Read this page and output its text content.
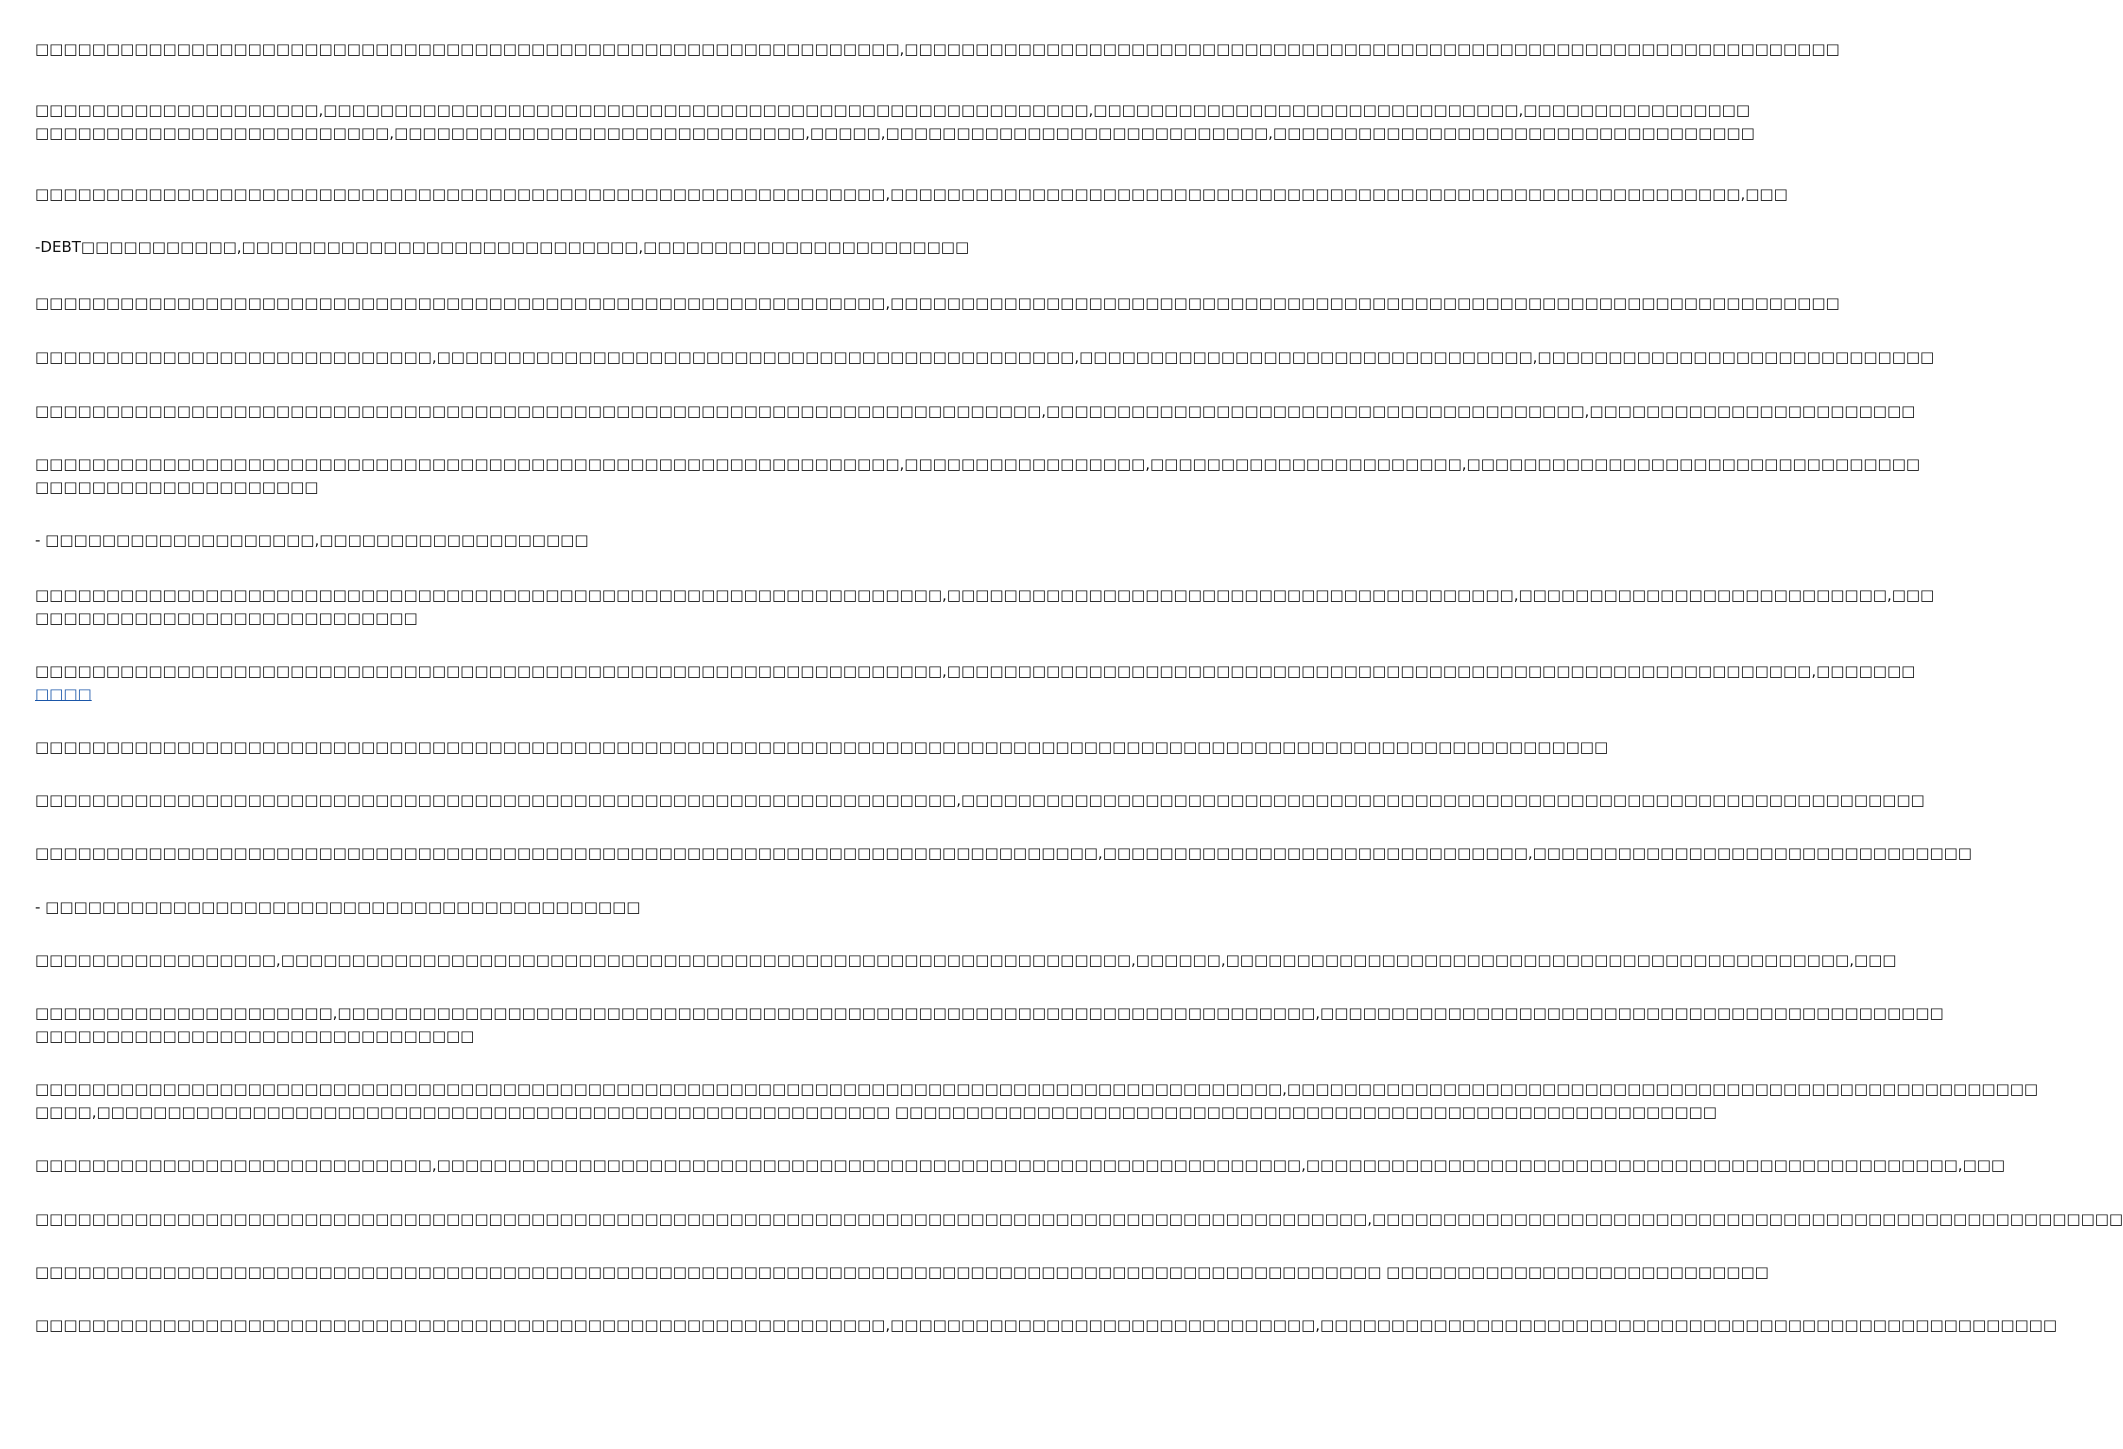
□□□□□□□□□□□□□□□□□□□□□□□□□□□□□□□□□□□□□□□□□□□□□□□□□□□□□□□□□□□□□,□□□□□□□□□□□□□□□□□□□□□□□□□□□□□□□□□□□□□□□□□□□□□□□□□□□□□□□□□□□□□□□□□□

□□□□□□□□□□□□□□□□□□□□,□□□□□□□□□□□□□□□□□□□□□□□□□□□□□□□□□□□□□□□□□□□□□□□□□□□□□□,□□□□□□□□□□□□□□□□□□□□□□□□□□□□□□,□□□□□□□□□□□□□□□□
□□□□□□□□□□□□□□□□□□□□□□□□□,□□□□□□□□□□□□□□□□□□□□□□□□□□□□□,□□□□□,□□□□□□□□□□□□□□□□□□□□□□□□□□□,□□□□□□□□□□□□□□□□□□□□□□□□□□□□□□□□□□

□□□□□□□□□□□□□□□□□□□□□□□□□□□□□□□□□□□□□□□□□□□□□□□□□□□□□□□□□□□□,□□□□□□□□□□□□□□□□□□□□□□□□□□□□□□□□□□□□□□□□□□□□□□□□□□□□□□□□□□□□,□□□

-DEBT□□□□□□□□□□□,□□□□□□□□□□□□□□□□□□□□□□□□□□□□,□□□□□□□□□□□□□□□□□□□□□□□

□□□□□□□□□□□□□□□□□□□□□□□□□□□□□□□□□□□□□□□□□□□□□□□□□□□□□□□□□□□□,□□□□□□□□□□□□□□□□□□□□□□□□□□□□□□□□□□□□□□□□□□□□□□□□□□□□□□□□□□□□□□□□□□□

□□□□□□□□□□□□□□□□□□□□□□□□□□□□,□□□□□□□□□□□□□□□□□□□□□□□□□□□□□□□□□□□□□□□□□□□□□,□□□□□□□□□□□□□□□□□□□□□□□□□□□□□□□□,□□□□□□□□□□□□□□□□□□□□□□□□□□□□

□□□□□□□□□□□□□□□□□□□□□□□□□□□□□□□□□□□□□□□□□□□□□□□□□□□□□□□□□□□□□□□□□□□□□□□,□□□□□□□□□□□□□□□□□□□□□□□□□□□□□□□□□□□□□□,□□□□□□□□□□□□□□□□□□□□□□□

□□□□□□□□□□□□□□□□□□□□□□□□□□□□□□□□□□□□□□□□□□□□□□□□□□□□□□□□□□□□□,□□□□□□□□□□□□□□□□□,□□□□□□□□□□□□□□□□□□□□□□,□□□□□□□□□□□□□□□□□□□□□□□□□□□□□□□□
□□□□□□□□□□□□□□□□□□□□

- □□□□□□□□□□□□□□□□□□□,□□□□□□□□□□□□□□□□□□□

□□□□□□□□□□□□□□□□□□□□□□□□□□□□□□□□□□□□□□□□□□□□□□□□□□□□□□□□□□□□□□□□,□□□□□□□□□□□□□□□□□□□□□□□□□□□□□□□□□□□□□□□□,□□□□□□□□□□□□□□□□□□□□□□□□□□,□□□
□□□□□□□□□□□□□□□□□□□□□□□□□□□

□□□□□□□□□□□□□□□□□□□□□□□□□□□□□□□□□□□□□□□□□□□□□□□□□□□□□□□□□□□□□□□□,□□□□□□□□□□□□□□□□□□□□□□□□□□□□□□□□□□□□□□□□□□□□□□□□□□□□□□□□□□□□□,□□□□□□□
□□□□

□□□□□□□□□□□□□□□□□□□□□□□□□□□□□□□□□□□□□□□□□□□□□□□□□□□□□□□□□□□□□□□□□□□□□□□□□□□□□□□□□□□□□□□□□□□□□□□□□□□□□□□□□□□□□□□

□□□□□□□□□□□□□□□□□□□□□□□□□□□□□□□□□□□□□□□□□□□□□□□□□□□□□□□□□□□□□□□□□,□□□□□□□□□□□□□□□□□□□□□□□□□□□□□□□□□□□□□□□□□□□□□□□□□□□□□□□□□□□□□□□□□□□□

□□□□□□□□□□□□□□□□□□□□□□□□□□□□□□□□□□□□□□□□□□□□□□□□□□□□□□□□□□□□□□□□□□□□□□□□□□□,□□□□□□□□□□□□□□□□□□□□□□□□□□□□□□,□□□□□□□□□□□□□□□□□□□□□□□□□□□□□□□

- □□□□□□□□□□□□□□□□□□□□□□□□□□□□□□□□□□□□□□□□□□

□□□□□□□□□□□□□□□□□,□□□□□□□□□□□□□□□□□□□□□□□□□□□□□□□□□□□□□□□□□□□□□□□□□□□□□□□□□□□□,□□□□□□,□□□□□□□□□□□□□□□□□□□□□□□□□□□□□□□□□□□□□□□□□□□□,□□□

□□□□□□□□□□□□□□□□□□□□□,□□□□□□□□□□□□□□□□□□□□□□□□□□□□□□□□□□□□□□□□□□□□□□□□□□□□□□□□□□□□□□□□□□□□□,□□□□□□□□□□□□□□□□□□□□□□□□□□□□□□□□□□□□□□□□□□□□
□□□□□□□□□□□□□□□□□□□□□□□□□□□□□□□

□□□□□□□□□□□□□□□□□□□□□□□□□□□□□□□□□□□□□□□□□□□□□□□□□□□□□□□□□□□□□□□□□□□□□□□□□□□□□□□□□□□□□□□□,□□□□□□□□□□□□□□□□□□□□□□□□□□□□□□□□□□□□□□□□□□□□□□□□□□□□□
□□□□,□□□□□□□□□□□□□□□□□□□□□□□□□□□□□□□□□□□□□□□□□□□□□□□□□□□□□□□□ □□□□□□□□□□□□□□□□□□□□□□□□□□□□□□□□□□□□□□□□□□□□□□□□□□□□□□□□□□

□□□□□□□□□□□□□□□□□□□□□□□□□□□□,□□□□□□□□□□□□□□□□□□□□□□□□□□□□□□□□□□□□□□□□□□□□□□□□□□□□□□□□□□□□□,□□□□□□□□□□□□□□□□□□□□□□□□□□□□□□□□□□□□□□□□□□□□□□,□□□

□□□□□□□□□□□□□□□□□□□□□□□□□□□□□□□□□□□□□□□□□□□□□□□□□□□□□□□□□□□□□□□□□□□□□□□□□□□□□□□□□□□□□□□□□□□□□□,□□□□□□□□□□□□□□□□□□□□□□□□□□□□□□□□□□□□□□□□□□□□□□□□□□□□□

□□□□□□□□□□□□□□□□□□□□□□□□□□□□□□□□□□□□□□□□□□□□□□□□□□□□□□□□□□□□□□□□□□□□□□□□□□□□□□□□□□□□□□□□□□□□□□□ □□□□□□□□□□□□□□□□□□□□□□□□□□□

□□□□□□□□□□□□□□□□□□□□□□□□□□□□□□□□□□□□□□□□□□□□□□□□□□□□□□□□□□□□,□□□□□□□□□□□□□□□□□□□□□□□□□□□□□□,□□□□□□□□□□□□□□□□□□□□□□□□□□□□□□□□□□□□□□□□□□□□□□□□□□□□
